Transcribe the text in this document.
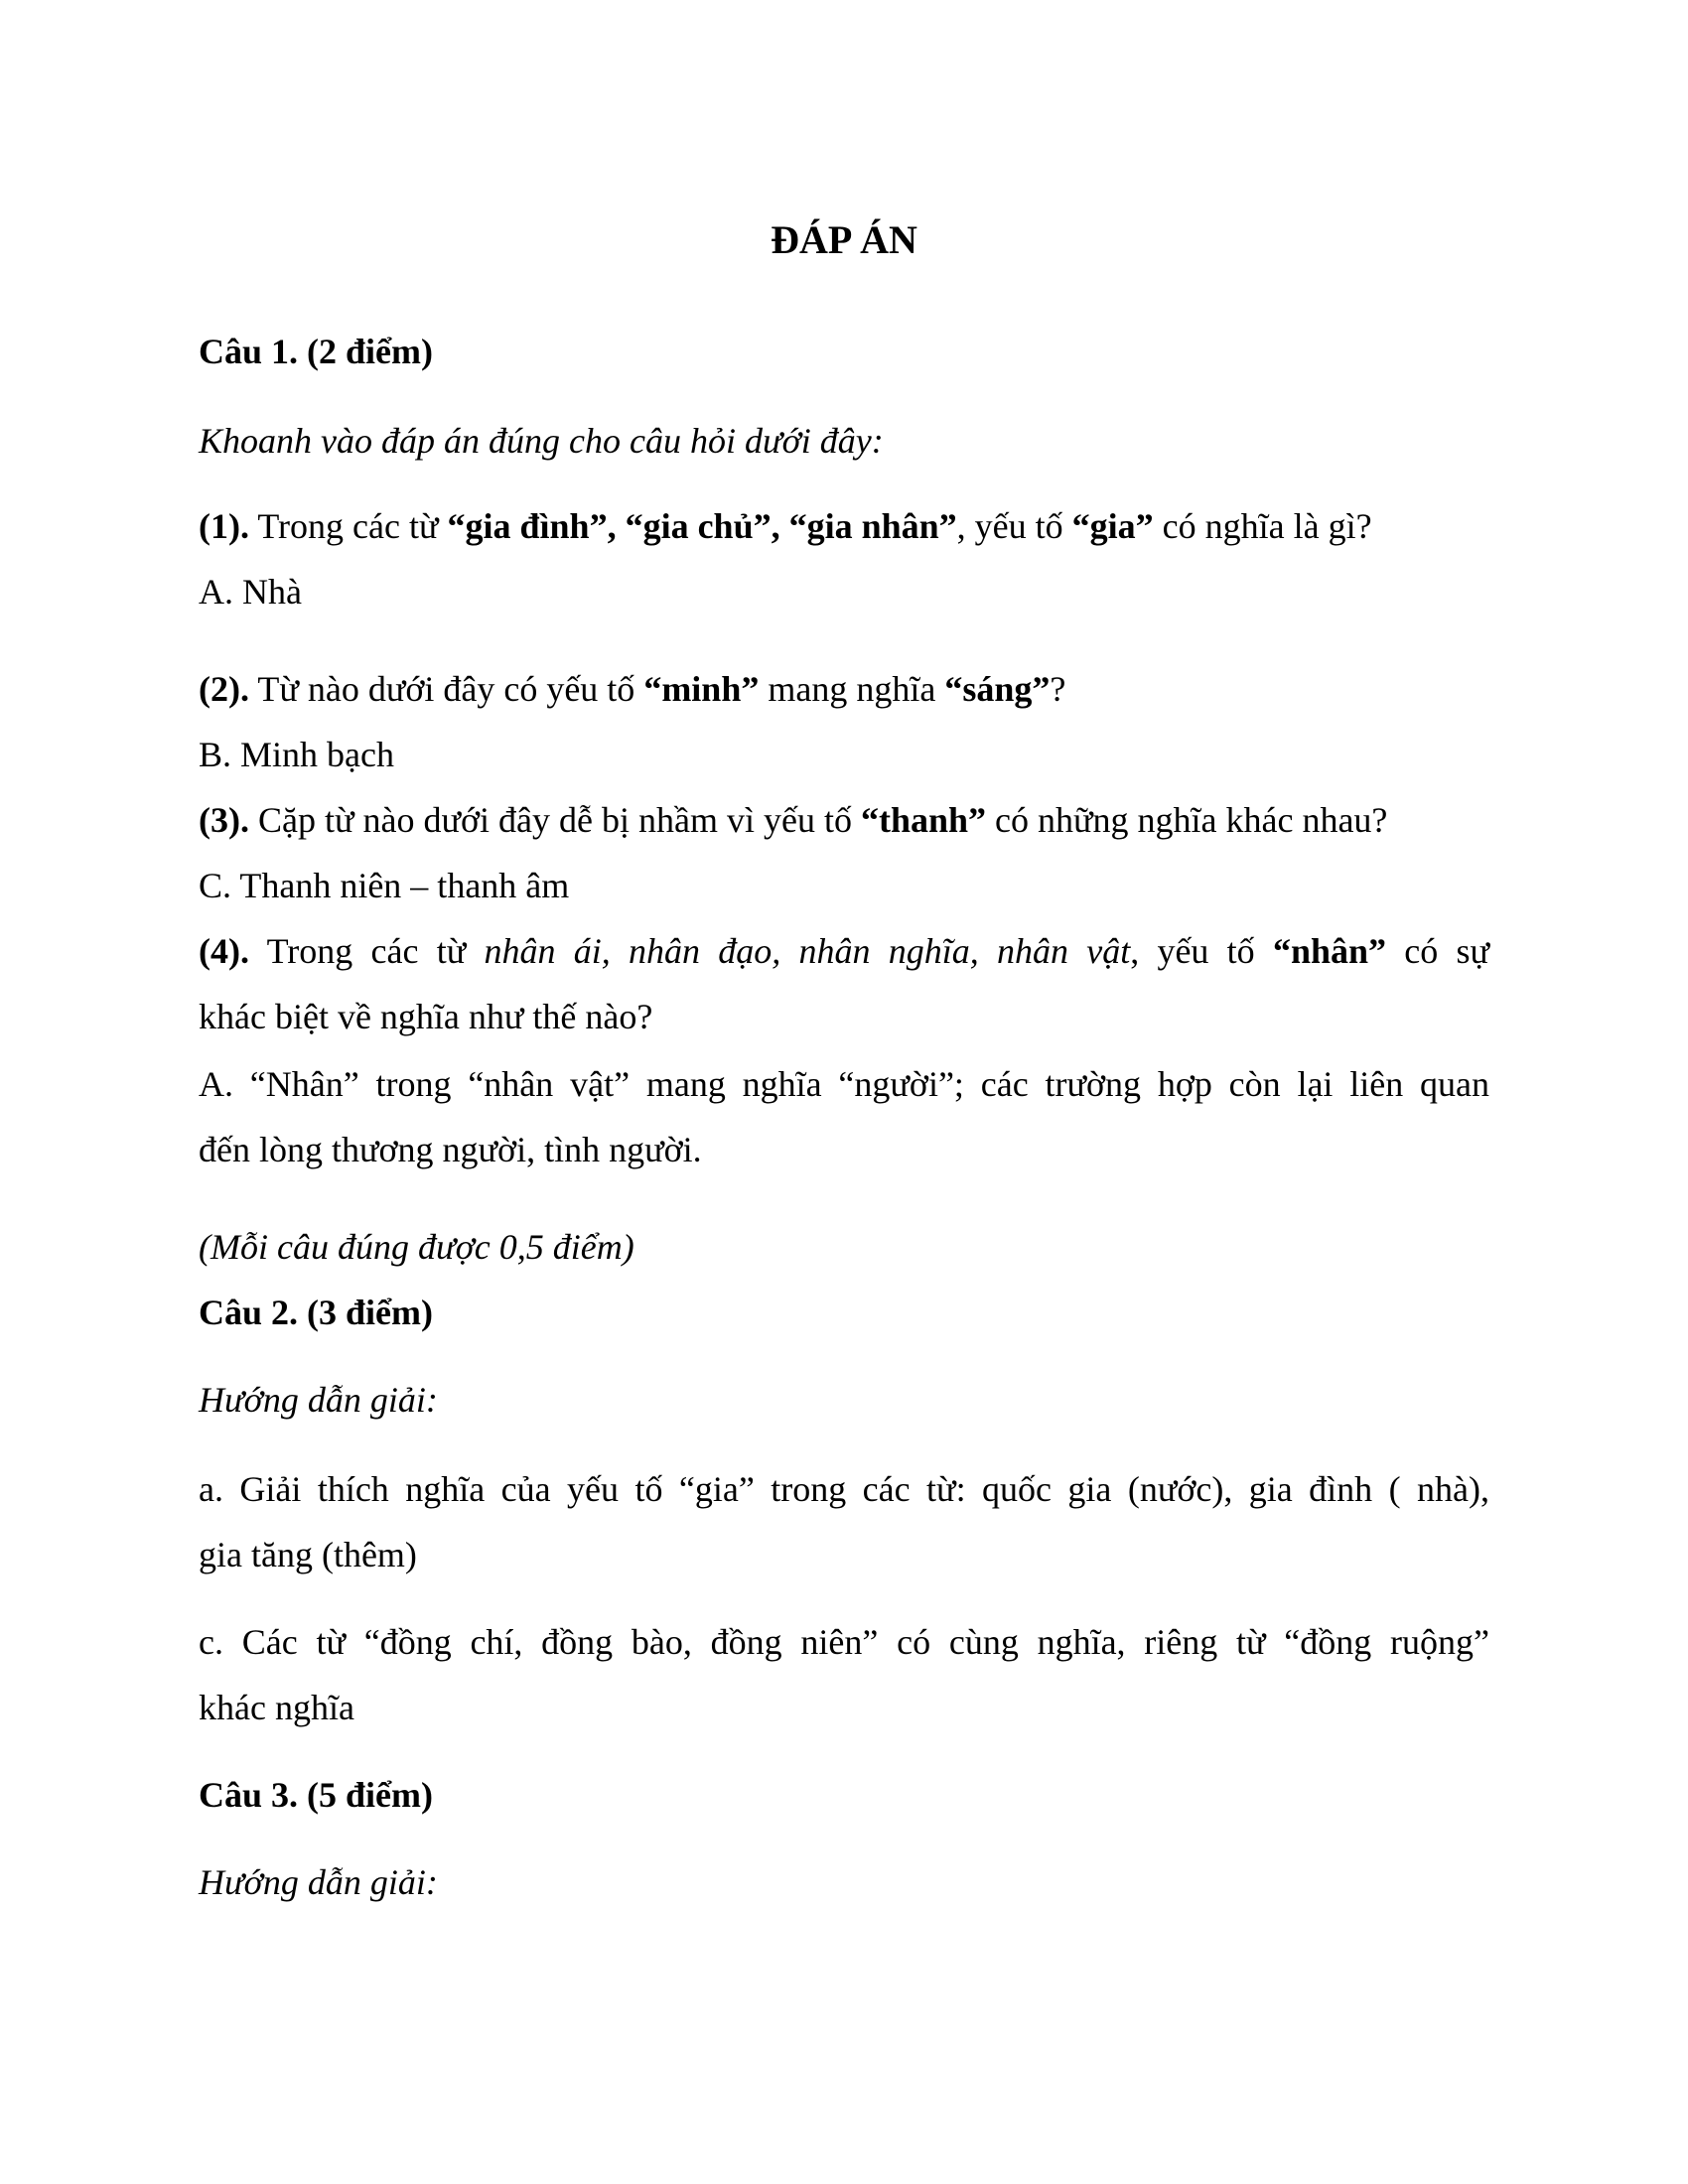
ĐÁP ÁN
Câu 1. (2 điểm)
Khoanh vào đáp án đúng cho câu hỏi dưới đây:
(1). Trong các từ “gia đình”, “gia chủ”, “gia nhân”, yếu tố “gia” có nghĩa là gì?
A. Nhà
(2). Từ nào dưới đây có yếu tố “minh” mang nghĩa “sáng”?
B. Minh bạch
(3). Cặp từ nào dưới đây dễ bị nhầm vì yếu tố “thanh” có những nghĩa khác nhau?
C. Thanh niên – thanh âm
(4). Trong các từ nhân ái, nhân đạo, nhân nghĩa, nhân vật, yếu tố “nhân” có sự
khác biệt về nghĩa như thế nào?
A. “Nhân” trong “nhân vật” mang nghĩa “người”; các trường hợp còn lại liên quan
đến lòng thương người, tình người.
(Mỗi câu đúng được 0,5 điểm)
Câu 2. (3 điểm)
Hướng dẫn giải:
a. Giải thích nghĩa của yếu tố “gia” trong các từ: quốc gia (nước), gia đình ( nhà),
gia tăng (thêm)
c. Các từ “đồng chí, đồng bào, đồng niên” có cùng nghĩa, riêng từ “đồng ruộng”
khác nghĩa
Câu 3. (5 điểm)
Hướng dẫn giải:
